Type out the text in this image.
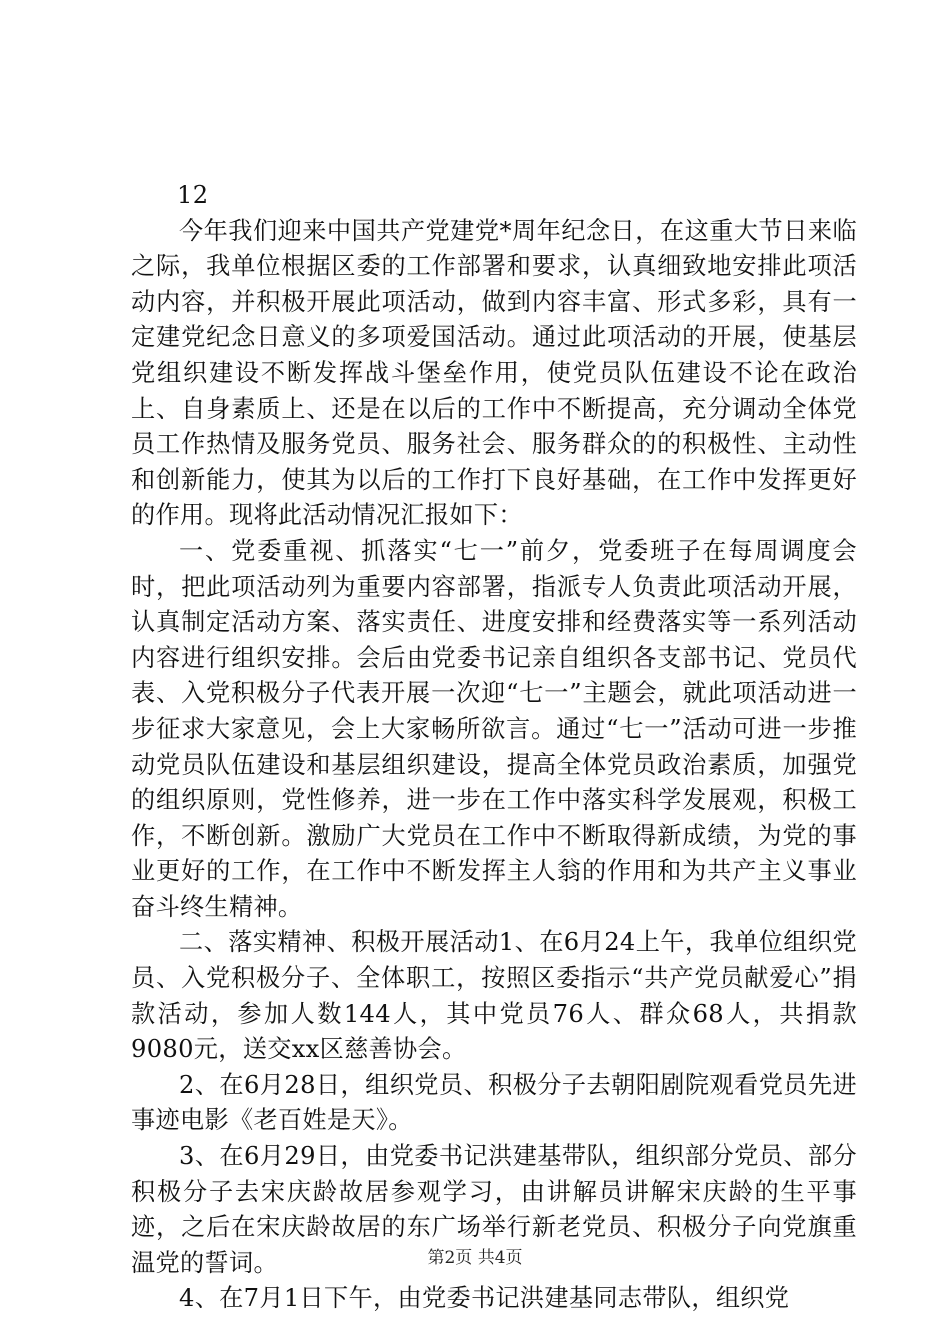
12

今年我们迎来中国共产党建党*周年纪念日，在这重大节日来临之际，我单位根据区委的工作部署和要求，认真细致地安排此项活动内容，并积极开展此项活动，做到内容丰富、形式多彩，具有一定建党纪念日意义的多项爱国活动。通过此项活动的开展，使基层党组织建设不断发挥战斗堡垒作用，使党员队伍建设不论在政治上、自身素质上、还是在以后的工作中不断提高，充分调动全体党员工作热情及服务党员、服务社会、服务群众的的积极性、主动性和创新能力，使其为以后的工作打下良好基础，在工作中发挥更好的作用。现将此活动情况汇报如下：

一、党委重视、抓落实“七一”前夕，党委班子在每周调度会时，把此项活动列为重要内容部署，指派专人负责此项活动开展，认真制定活动方案、落实责任、进度安排和经费落实等一系列活动内容进行组织安排。会后由党委书记亲自组织各支部书记、党员代表、入党积极分子代表开展一次迎“七一”主题会，就此项活动进一步征求大家意见，会上大家畅所欲言。通过“七一”活动可进一步推动党员队伍建设和基层组织建设，提高全体党员政治素质，加强党的组织原则，党性修养，进一步在工作中落实科学发展观，积极工作，不断创新。激励广大党员在工作中不断取得新成绩，为党的事业更好的工作，在工作中不断发挥主人翁的作用和为共产主义事业奋斗终生精神。

二、落实精神、积极开展活动1、在6月24上午，我单位组织党员、入党积极分子、全体职工，按照区委指示“共产党员献爱心”捐款活动，参加人数144人，其中党员76人、群众68人，共捐款9080元，送交xx区慈善协会。

2、在6月28日，组织党员、积极分子去朝阳剧院观看党员先进事迹电影《老百姓是天》。

3、在6月29日，由党委书记洪建基带队，组织部分党员、部分积极分子去宋庆龄故居参观学习，由讲解员讲解宋庆龄的生平事迹，之后在宋庆龄故居的东广场举行新老党员、积极分子向党旗重温党的誓词。

4、在7月1日下午，由党委书记洪建基同志带队，组织党

第2页 共4页
